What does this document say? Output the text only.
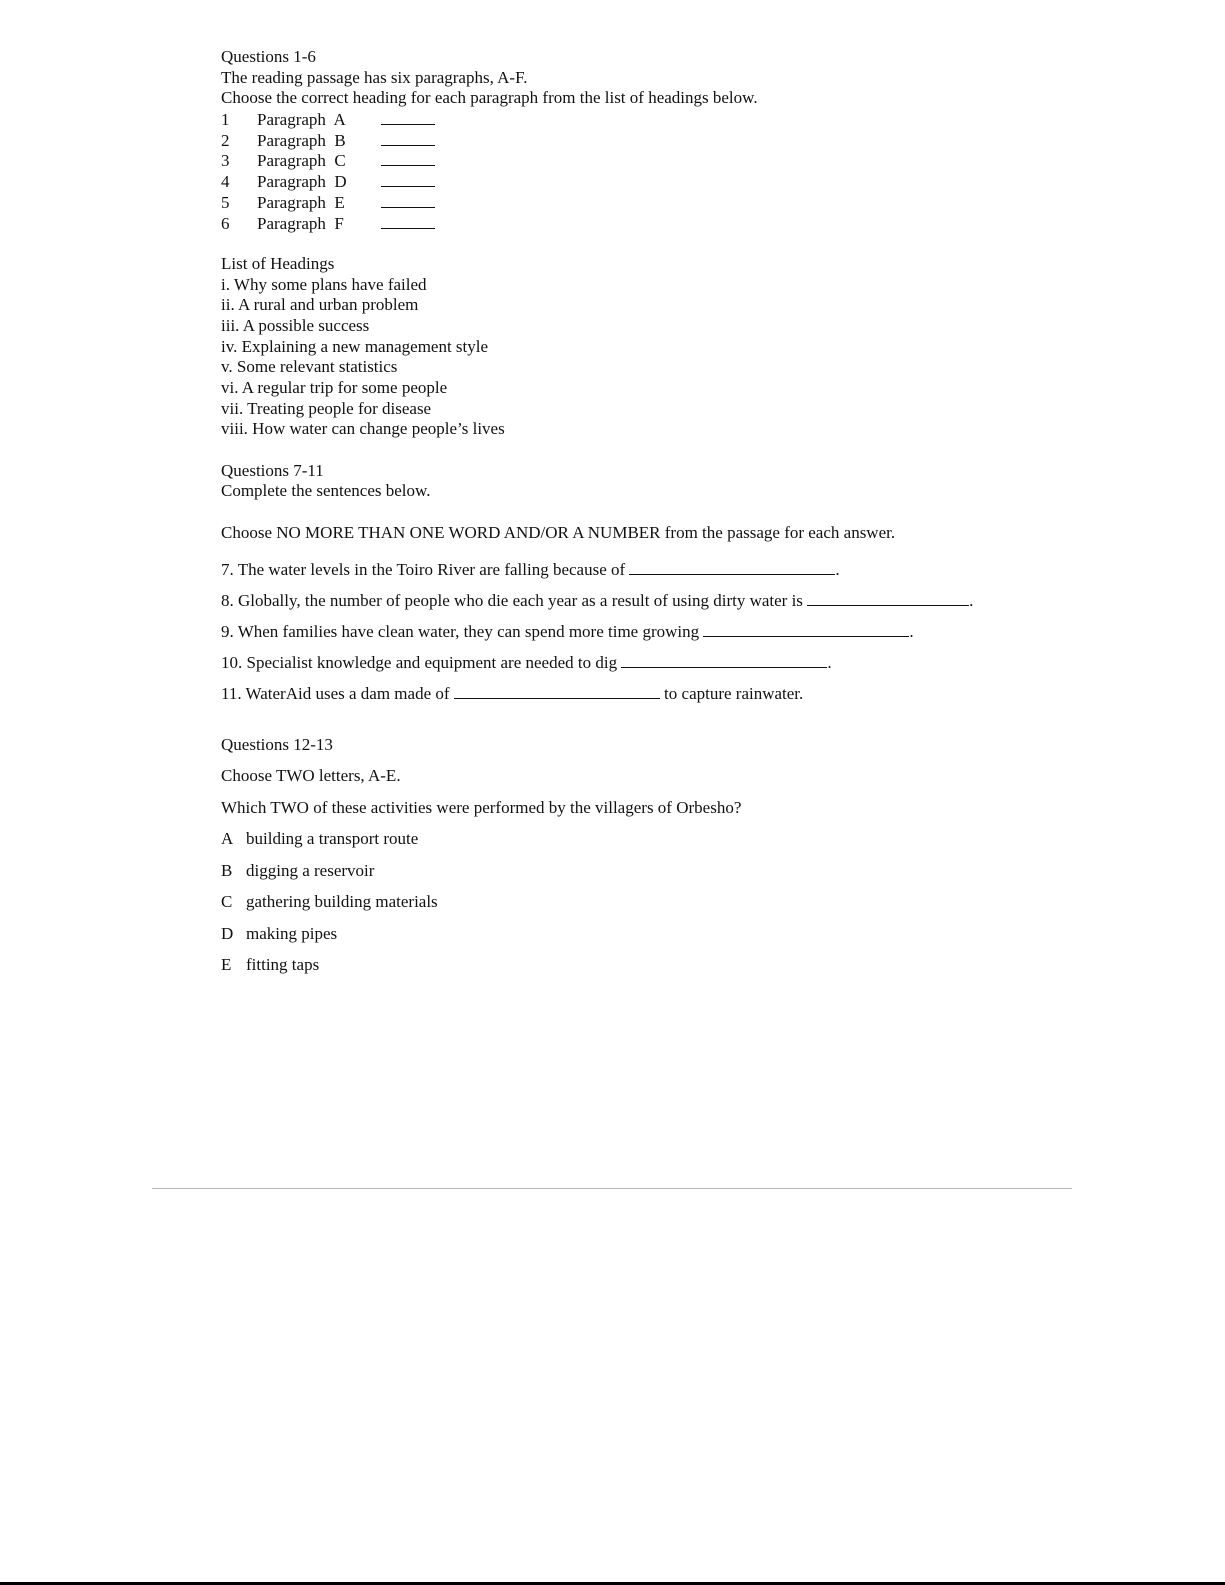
Questions 1-6
The reading passage has six paragraphs, A-F.
Choose the correct heading for each paragraph from the list of headings below.
1	Paragraph  A
2	Paragraph  B
3	Paragraph  C
4	Paragraph  D
5	Paragraph  E
6	Paragraph  F
List of Headings
i. Why some plans have failed
ii. A rural and urban problem
iii. A possible success
iv. Explaining a new management style
v. Some relevant statistics
vi. A regular trip for some people
vii. Treating people for disease
viii. How water can change people’s lives
Questions 7-11
Complete the sentences below.
Choose NO MORE THAN ONE WORD AND/OR A NUMBER from the passage for each answer.
7. The water levels in the Toiro River are falling because of	.
8. Globally, the number of people who die each year as a result of using dirty water is	.
9. When families have clean water, they can spend more time growing	.
10. Specialist knowledge and equipment are needed to dig	.
11. WaterAid uses a dam made of	to capture rainwater.
Questions 12-13
Choose TWO letters, A-E.
Which TWO of these activities were performed by the villagers of Orbesho?
A building a transport route
B digging a reservoir
C gathering building materials
D making pipes
E fitting taps
